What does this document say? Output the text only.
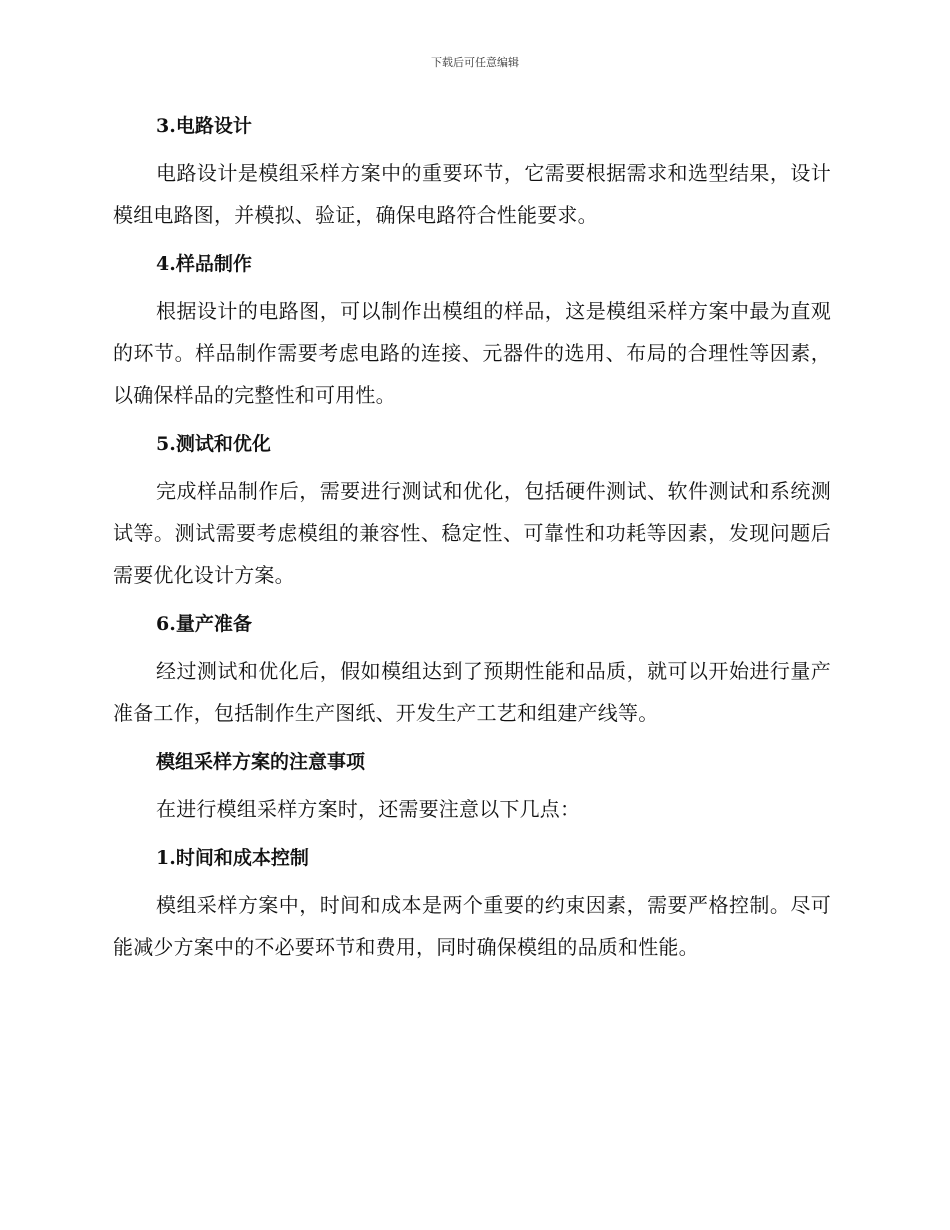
下载后可任意编辑
3.电路设计
电路设计是模组采样方案中的重要环节，它需要根据需求和选型结果，设计模组电路图，并模拟、验证，确保电路符合性能要求。
4.样品制作
根据设计的电路图，可以制作出模组的样品，这是模组采样方案中最为直观的环节。样品制作需要考虑电路的连接、元器件的选用、布局的合理性等因素，以确保样品的完整性和可用性。
5.测试和优化
完成样品制作后，需要进行测试和优化，包括硬件测试、软件测试和系统测试等。测试需要考虑模组的兼容性、稳定性、可靠性和功耗等因素，发现问题后需要优化设计方案。
6.量产准备
经过测试和优化后，假如模组达到了预期性能和品质，就可以开始进行量产准备工作，包括制作生产图纸、开发生产工艺和组建产线等。
模组采样方案的注意事项
在进行模组采样方案时，还需要注意以下几点：
1.时间和成本控制
模组采样方案中，时间和成本是两个重要的约束因素，需要严格控制。尽可能减少方案中的不必要环节和费用，同时确保模组的品质和性能。
